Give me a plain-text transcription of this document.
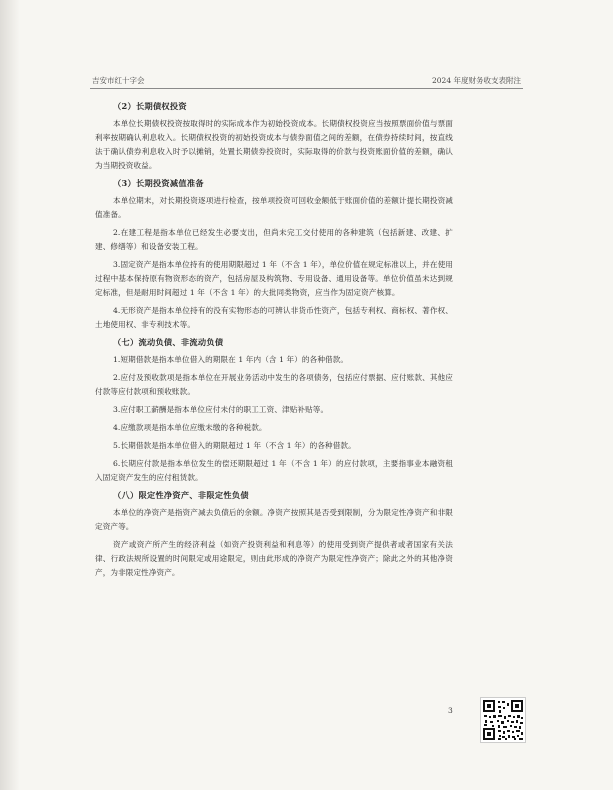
吉安市红十字会	2024 年度财务收支表附注

（2）长期债权投资

本单位长期债权投资按取得时的实际成本作为初始投资成本。长期债权投资应当按照票面价值与票面利率按期确认利息收入。长期债权投资的初始投资成本与债券面值之间的差额，在债券持续时间，按直线法于确认债券利息收入时予以摊销，处置长期债券投资时，实际取得的价款与投资账面价值的差额，确认为当期投资收益。

（3）长期投资减值准备

本单位期末，对长期投资逐项进行检查，按单项投资可回收金额低于账面价值的差额计提长期投资减值准备。

2.在建工程是指本单位已经发生必要支出，但尚未完工交付使用的各种建筑（包括新建、改建、扩建、修缮等）和设备安装工程。

3.固定资产是指本单位持有的使用期限超过 1 年（不含 1 年），单位价值在规定标准以上，并在使用过程中基本保持原有物资形态的资产，包括房屋及构筑物、专用设备、通用设备等。单位价值虽未达到规定标准，但是耐用时间超过 1 年（不含 1 年）的大批同类物资，应当作为固定资产核算。

4.无形资产是指本单位持有的没有实物形态的可辨认非货币性资产，包括专利权、商标权、著作权、土地使用权、非专利技术等。

（七）流动负债、非流动负债

1.短期借款是指本单位借入的期限在 1 年内（含 1 年）的各种借款。

2.应付及预收款项是指本单位在开展业务活动中发生的各项债务，包括应付票据、应付账款、其他应付款等应付款项和预收账款。

3.应付职工薪酬是指本单位应付未付的职工工资、津贴补贴等。

4.应缴款项是指本单位应缴未缴的各种税款。

5.长期借款是指本单位借入的期限超过 1 年（不含 1 年）的各种借款。

6.长期应付款是指本单位发生的偿还期限超过 1 年（不含 1 年）的应付款项，主要指事业本融资租入固定资产发生的应付租赁款。

（八）限定性净资产、非限定性负债

本单位的净资产是指资产减去负债后的余额。净资产按照其是否受到限制，分为限定性净资产和非限定资产等。

资产或资产所产生的经济利益（如资产投资利益和利息等）的使用受到资产提供者或者国家有关法律、行政法规所设置的时间限定或用途限定，则由此形成的净资产为限定性净资产；除此之外的其他净资产，为非限定性净资产。

3
